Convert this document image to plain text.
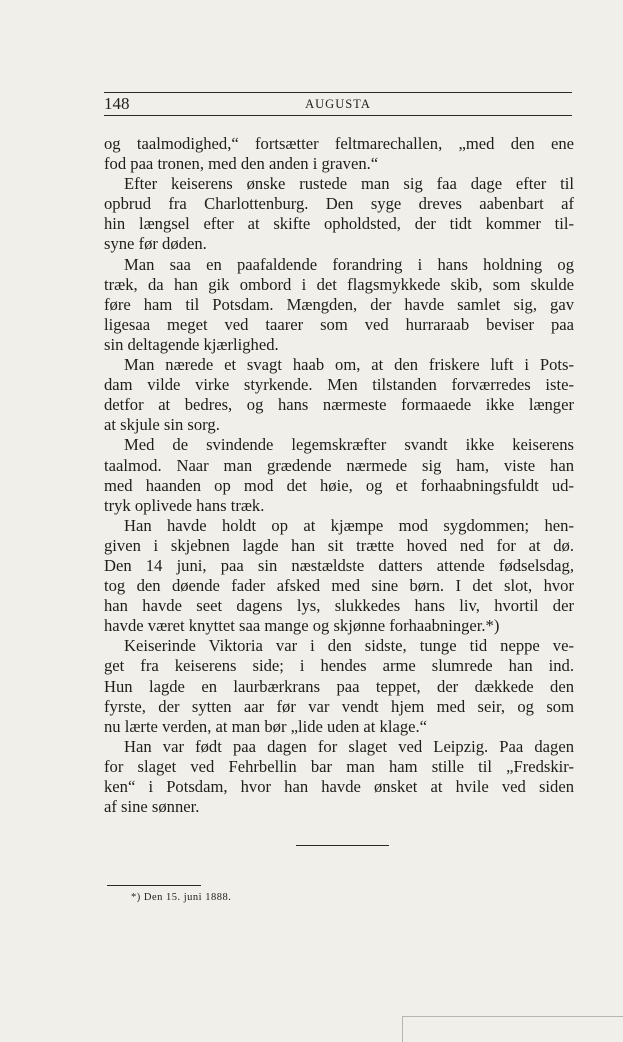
148	AUGUSTA
og taalmodighed,“ fortsætter feltmarechallen, „med den ene
fod paa tronen, med den anden i graven.“
Efter keiserens ønske rustede man sig faa dage efter til
opbrud fra Charlottenburg. Den syge dreves aabenbart af
hin længsel efter at skifte opholdsted, der tidt kommer til-
syne før døden.
Man saa en paafaldende forandring i hans holdning og
træk, da han gik ombord i det flagsmykkede skib, som skulde
føre ham til Potsdam. Mængden, der havde samlet sig, gav
ligesaa meget ved taarer som ved hurraraab beviser paa
sin deltagende kjærlighed.
Man nærede et svagt haab om, at den friskere luft i Pots-
dam vilde virke styrkende. Men tilstanden forværredes iste-
detfor at bedres, og hans nærmeste formaaede ikke længer
at skjule sin sorg.
Med de svindende legemskræfter svandt ikke keiserens
taalmod. Naar man grædende nærmede sig ham, viste han
med haanden op mod det høie, og et forhaabningsfuldt ud-
tryk oplivede hans træk.
Han havde holdt op at kjæmpe mod sygdommen; hen-
given i skjebnen lagde han sit trætte hoved ned for at dø.
Den 14 juni, paa sin næstældste datters attende fødselsdag,
tog den døende fader afsked med sine børn. I det slot, hvor
han havde seet dagens lys, slukkedes hans liv, hvortil der
havde været knyttet saa mange og skjønne forhaabninger.*)
Keiserinde Viktoria var i den sidste, tunge tid neppe ve-
get fra keiserens side; i hendes arme slumrede han ind.
Hun lagde en laurbærkrans paa teppet, der dækkede den
fyrste, der sytten aar før var vendt hjem med seir, og som
nu lærte verden, at man bør „lide uden at klage.“
Han var født paa dagen for slaget ved Leipzig. Paa dagen
for slaget ved Fehrbellin bar man ham stille til „Fredskir-
ken“ i Potsdam, hvor han havde ønsket at hvile ved siden
af sine sønner.
*) Den 15. juni 1888.
